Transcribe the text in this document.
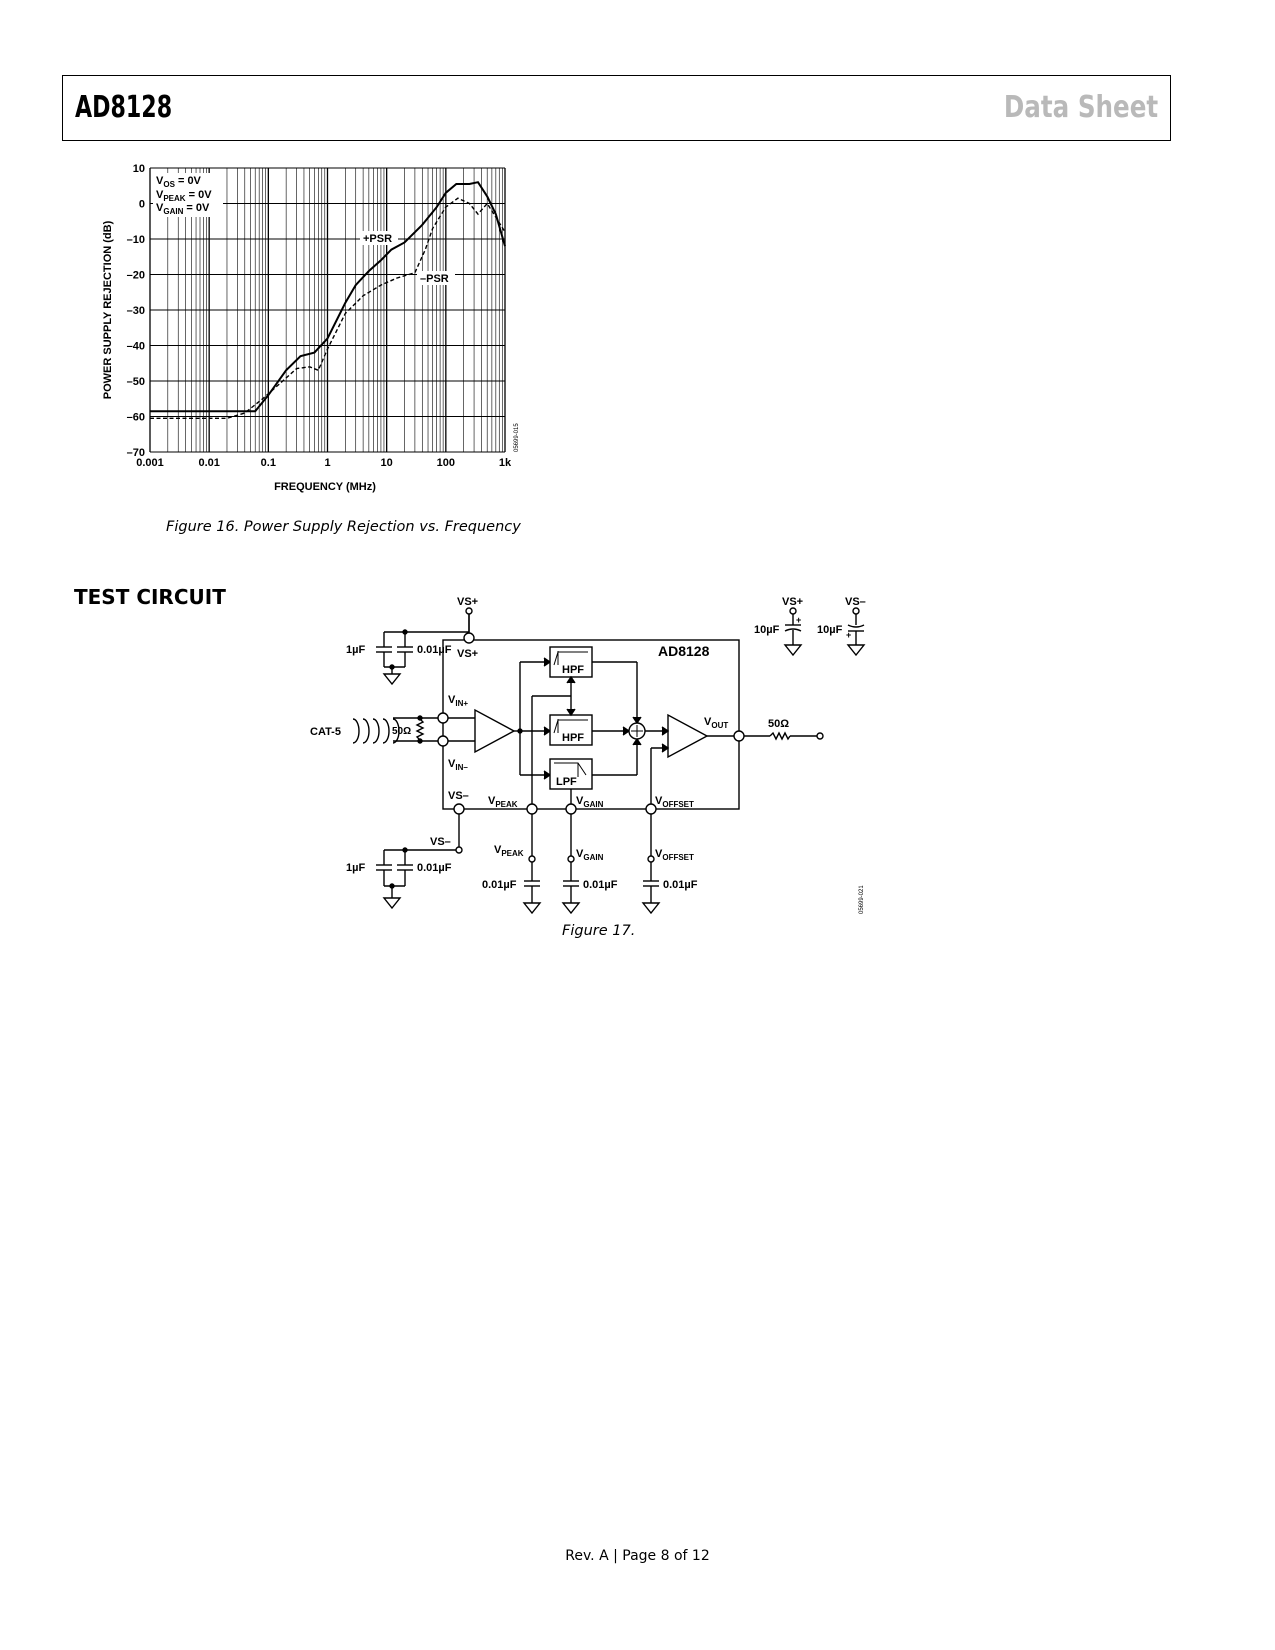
AD8128	Data Sheet
0.001	0.01	0.1	1	10	100	1k
10
0
–10
–20
–30
–40
–50
–60
–70
FREQUENCY (MHz)
POWER SUPPLY REJECTION (dB)
05699-015
$V_{OS} = 0V$
$V_{PEAK} = 0V$
$V_{GAIN} = 0V$
+PSR
–PSR
Figure 16. Power Supply Rejection vs. Frequency
TEST CIRCUIT	VS+
1µF	0.01µF	AD8128
VS+
CAT-5	50Ω
$V_{IN+}$
$V_{IN-}$
HPF
HPF
LPF
$V_{OUT}$	50Ω
VS– $V_{PEAK}$	$V_{GAIN}$	$V_{OFFSET}$
VS–
1µF	0.01µF
$V_{PEAK}$
0.01µF
$V_{GAIN}$
0.01µF
$V_{OFFSET}$
0.01µF
VS+
+
10µF
VS–
+
10µF
05699-021
Figure 17.
Rev. A | Page 8 of 12
